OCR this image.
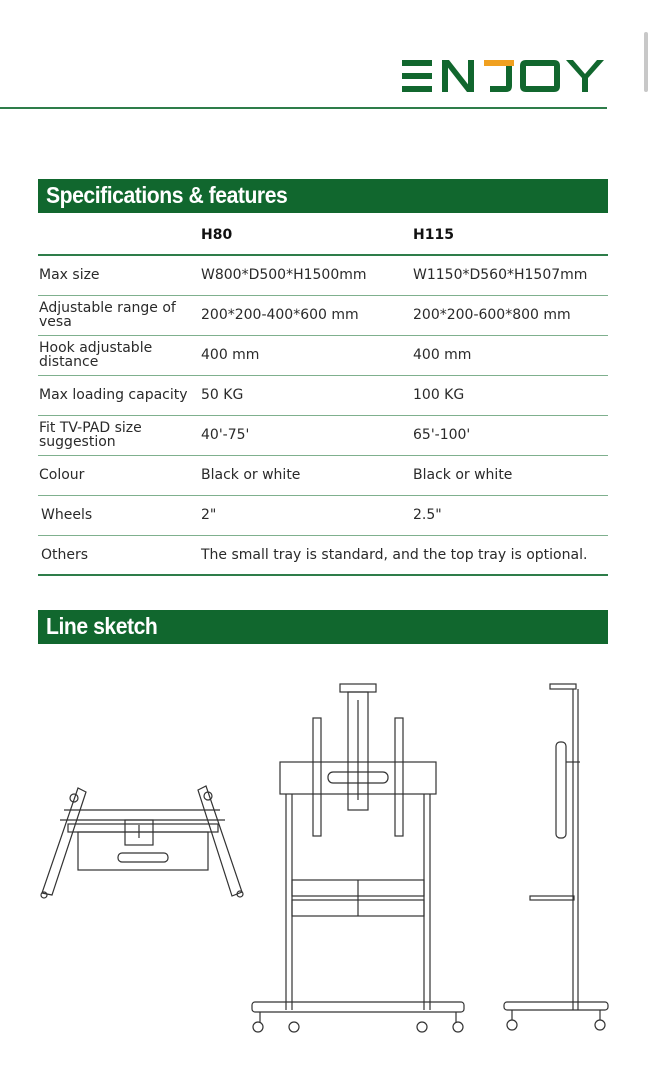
Specifications & features
	H80	H115
Max size	W800*D500*H1500mm	W1150*D560*H1507mm
Adjustable range of vesa	200*200-400*600 mm	200*200-600*800 mm
Hook adjustable distance	400 mm	400 mm
Max loading capacity	50 KG	100 KG
Fit TV-PAD size suggestion	40'-75'	65'-100'
Colour	Black or white	Black or white
Wheels	2"	2.5"
Others	The small tray is standard, and the top tray is optional.	
Line sketch
